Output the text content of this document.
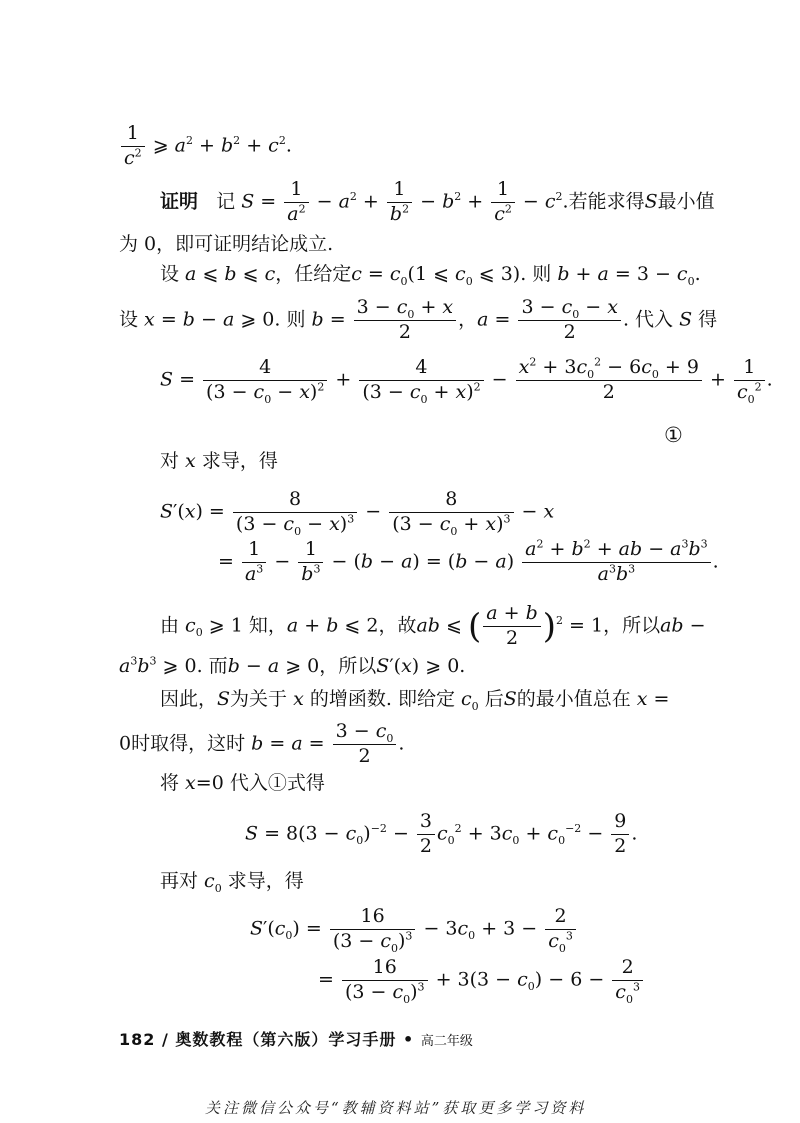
$\frac{1}{c^2}$ ⩾ $a^2 + b^2 + c^2$.
证明 记 $S = \frac{1}{a^2} - a^2 + \frac{1}{b^2} - b^2 + \frac{1}{c^2} - c^2$.若能求得S最小值
为 0，即可证明结论成立.
设 a ⩽ b ⩽ c，任给定$c = c_0(1$ ⩽ $c_0$ ⩽ 3). 则 $b + a = 3 - c_0$.
设 x = b − a ⩾ 0. 则 $b = \frac{3 - c_0 + x}{2}$ ，$a = \frac{3 - c_0 - x}{2}$ . 代入 S 得
$S = \frac{4}{(3 - c_0 - x)^2} + \frac{4}{(3 - c_0 + x)^2} - \frac{x^2 + 3c_0^2 - 6c_0 + 9}{2} + \frac{1}{c_0^2}$ .
①
对 x 求导，得
$S'(x) = \frac{8}{(3 - c_0 - x)^3} - \frac{8}{(3 - c_0 + x)^3} - x$
= $\frac{1}{a^3} - \frac{1}{b^3} - (b - a) = (b - a) \frac{a^2 + b^2 + ab - a^3b^3}{a^3b^3}$ .
由 $c_0$ ⩾ 1 知，a + b ⩽ 2，故ab ⩽ ( $\frac{a + b}{2} )^2 = 1$，所以ab −
$a^3b^3$ ⩾ 0. 而b − a ⩾ 0，所以S′(x) ⩾ 0.
因此，S为关于 x 的增函数. 即给定 $c_0$ 后S的最小值总在 x =
0时取得，这时 $b = a = \frac{3 - c_0}{2}$ .
将 x=0 代入①式得
$S = 8(3 - c_0)^{-2} - \frac{3}{2} c_0^2 + 3c_0 + c_0^{-2} - \frac{9}{2}$ .
再对 $c_0$ 求导，得
$S'(c_0) = \frac{16}{(3 - c_0)^3} - 3c_0 + 3 - \frac{2}{c_0^3}$
= $\frac{16}{(3 - c_0)^3} + 3(3 - c_0) - 6 - \frac{2}{c_0^3}$
182 / 奥数教程（第六版）学习手册 • 高二年级
关注微信公众号“教辅资料站”获取更多学习资料
